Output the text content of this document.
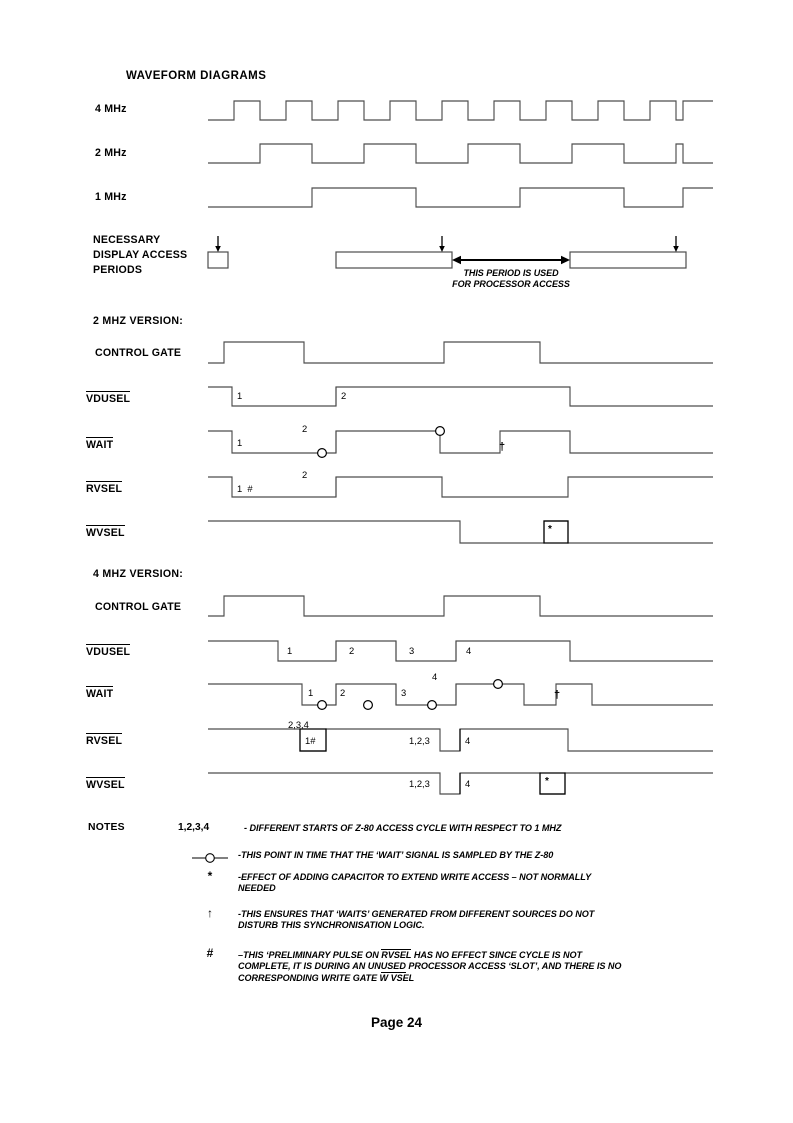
WAVEFORM DIAGRAMS
4 MHz
2 MHz
1 MHz
NECESSARY
DISPLAY ACCESS
PERIODS
2 MHZ VERSION:
CONTROL GATE
VDUSEL
WAIT
RVSEL
WVSEL
4 MHZ VERSION:
CONTROL GATE
VDUSEL
WAIT
RVSEL
WVSEL
THIS PERIOD IS USED
FOR PROCESSOR ACCESS
1	2
2
1	†
2
1  #
*
1	2	3	4
4
1	2	3	†
2,3,4
1#	1,2,3	4
1,2,3	4	*
NOTES	1,2,3,4	- DIFFERENT STARTS OF Z-80 ACCESS CYCLE WITH RESPECT TO 1 MHZ
-THIS POINT IN TIME THAT THE ‘WAIT’ SIGNAL IS SAMPLED BY THE Z-80
*	-EFFECT OF ADDING CAPACITOR TO EXTEND WRITE ACCESS – NOT NORMALLY
NEEDED
↑	-THIS ENSURES THAT ‘WAITS’ GENERATED FROM DIFFERENT SOURCES DO NOT
DISTURB THIS SYNCHRONISATION LOGIC.
#	–THIS ‘PRELIMINARY PULSE ON RVSEL HAS NO EFFECT SINCE CYCLE IS NOT
COMPLETE, IT IS DURING AN UNUSED PROCESSOR ACCESS ‘SLOT’, AND THERE IS NO
CORRESPONDING WRITE GATE W VSEL
Page 24
